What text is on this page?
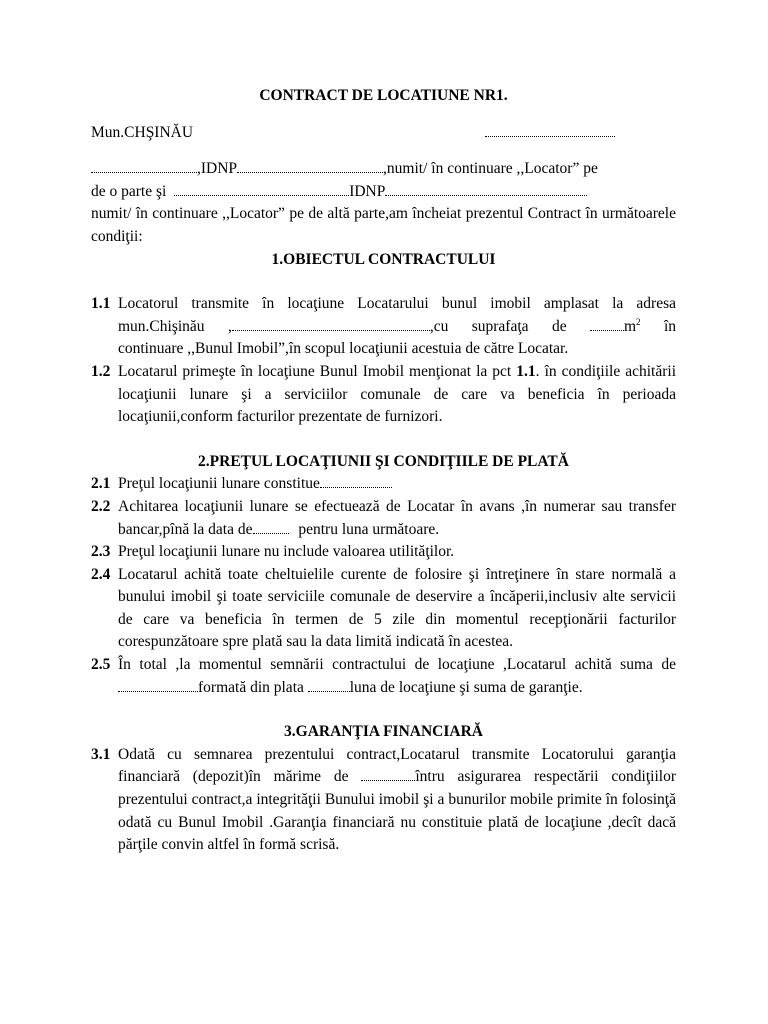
CONTRACT DE LOCATIUNE NR1.
Mun.CHŞINĂU
,IDNP	,numit/ în continuare ,,Locator” pe
de o parte şi	IDNP
numit/ în continuare ,,Locator” pe de altă parte,am încheiat prezentul Contract în următoarele condiţii:
1.OBIECTUL CONTRACTULUI
1.1 Locatorul transmite în locaţiune Locatarului bunul imobil amplasat la adresa
mun.Chişinău ,	,cu suprafaţa de	$m^2$ în
continuare ,,Bunul Imobil”,în scopul locaţiunii acestuia de către Locatar.
1.2 Locatarul primeşte în locaţiune Bunul Imobil menţionat la pct 1.1. în condiţiile achitării locaţiunii lunare şi a serviciilor comunale de care va beneficia în perioada locaţiunii,conform facturilor prezentate de furnizori.
2.PREŢUL LOCAŢIUNII ŞI CONDIŢIILE DE PLATĂ
2.1 Preţul locaţiunii lunare constitue
2.2 Achitarea locaţiunii lunare se efectuează de Locatar în avans ,în numerar sau transfer bancar,pînă la data de	pentru luna următoare.
2.3 Preţul locaţiunii lunare nu include valoarea utilităţilor.
2.4 Locatarul achită toate cheltuielile curente de folosire şi întreţinere în stare normală a bunului imobil şi toate serviciile comunale de deservire a încăperii,inclusiv alte servicii de care va beneficia în termen de 5 zile din momentul recepţionării facturilor corespunzătoare spre plată sau la data limită indicată în acestea.
2.5 În total ,la momentul semnării contractului de locaţiune ,Locatarul achită suma de formată din plata	luna de locaţiune şi suma de garanţie.
3.GARANŢIA FINANCIARĂ
3.1 Odată cu semnarea prezentului contract,Locatarul transmite Locatorului garanţia financiară (depozit)în mărime de	întru asigurarea respectării condiţiilor prezentului contract,a integrităţii Bunului imobil şi a bunurilor mobile primite în folosinţă odată cu Bunul Imobil .Garanţia financiară nu constituie plată de locaţiune ,decît dacă părţile convin altfel în formă scrisă.
